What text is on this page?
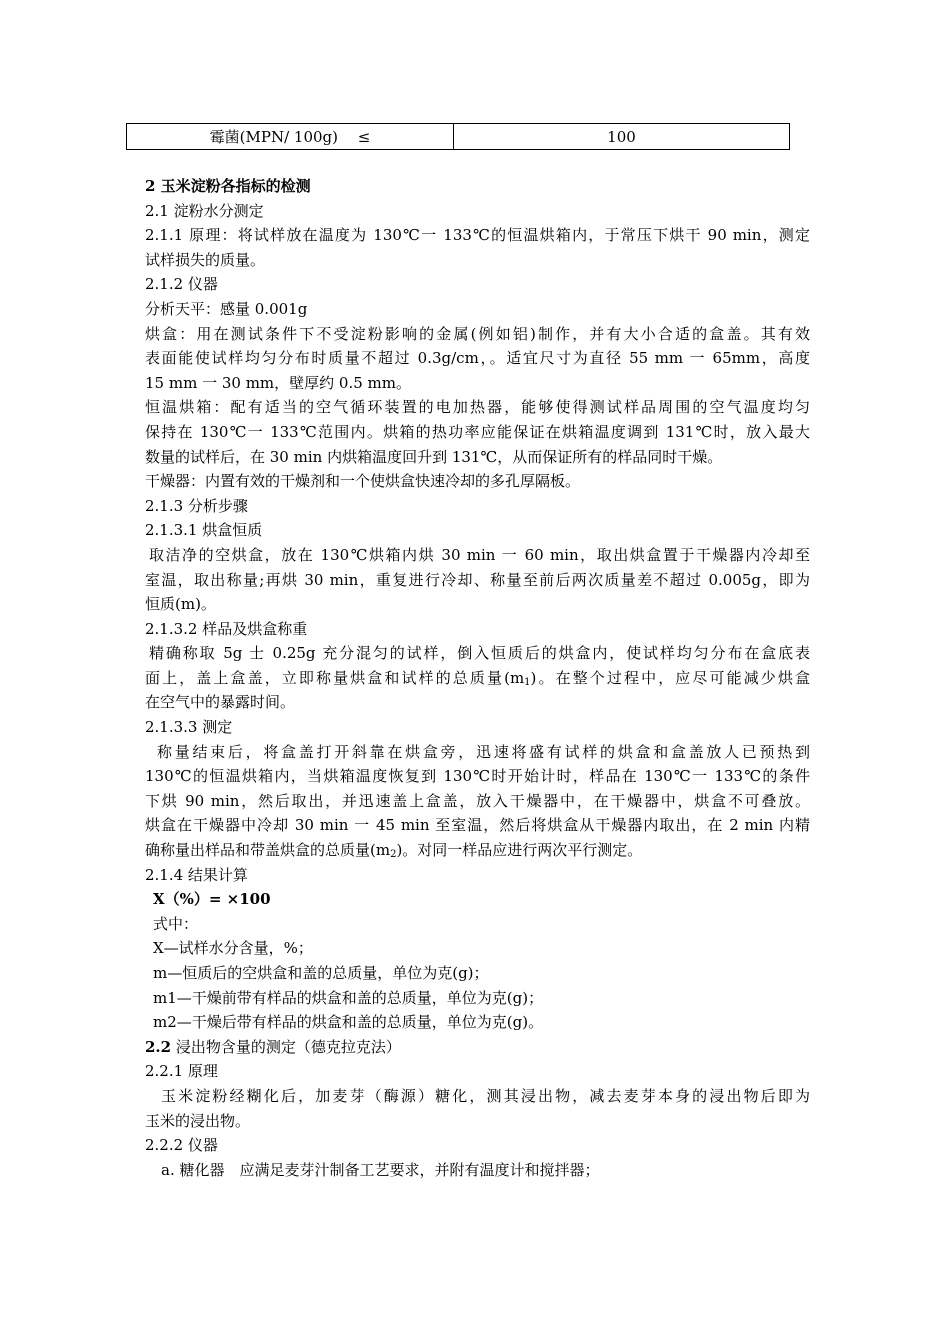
霉菌(MPN/ 100g)　 ≤	100
2 玉米淀粉各指标的检测
2.1 淀粉水分测定
2.1.1 原理：将试样放在温度为 130℃一 133℃的恒温烘箱内，于常压下烘干 90 min，测定
试样损失的质量。
2.1.2 仪器
分析天平：感量 0.001g
烘盒：用在测试条件下不受淀粉影响的金属(例如铝)制作，并有大小合适的盒盖。其有效
表面能使试样均匀分布时质量不超过 0.3g/cm，。适宜尺寸为直径 55 mm 一 65mm，高度
15 mm 一 30 mm，壁厚约 0.5 mm。
恒温烘箱：配有适当的空气循环装置的电加热器，能够使得测试样品周围的空气温度均匀
保持在 130℃一 133℃范围内。烘箱的热功率应能保证在烘箱温度调到 131℃时，放入最大
数量的试样后，在 30 min 内烘箱温度回升到 131℃，从而保证所有的样品同时干燥。
干燥器：内置有效的干燥剂和一个使烘盒快速冷却的多孔厚隔板。
2.1.3 分析步骤
2.1.3.1 烘盒恒质
取洁净的空烘盒，放在 130℃烘箱内烘 30 min 一 60 min，取出烘盒置于干燥器内冷却至
室温，取出称量;再烘 30 min，重复进行冷却、称量至前后两次质量差不超过 0.005g，即为
恒质(m)。
2.1.3.2 样品及烘盒称重
精确称取 5g 士 0.25g 充分混匀的试样，倒入恒质后的烘盒内，使试样均匀分布在盒底表
面上，盖上盒盖，立即称量烘盒和试样的总质量$(m_1)$。在整个过程中，应尽可能减少烘盒
在空气中的暴露时间。
2.1.3.3 测定
称量结束后，将盒盖打开斜靠在烘盒旁，迅速将盛有试样的烘盒和盒盖放人已预热到
130℃的恒温烘箱内，当烘箱温度恢复到 130℃时开始计时，样品在 130℃一 133℃的条件
下烘 90 min，然后取出，并迅速盖上盒盖，放入干燥器中，在干燥器中，烘盒不可叠放。
烘盒在干燥器中冷却 30 min 一 45 min 至室温，然后将烘盒从干燥器内取出，在 2 min 内精
确称量出样品和带盖烘盒的总质量$(m_2)$。对同一样品应进行两次平行测定。
2.1.4 结果计算
X（%）= ×100
式中：
X—试样水分含量，%；
m—恒质后的空烘盒和盖的总质量，单位为克(g)；
m1—干燥前带有样品的烘盒和盖的总质量，单位为克(g)；
m2—干燥后带有样品的烘盒和盖的总质量，单位为克(g)。
2.2 浸出物含量的测定（德克拉克法）
2.2.1 原理
玉米淀粉经糊化后，加麦芽（酶源）糖化，测其浸出物，减去麦芽本身的浸出物后即为
玉米的浸出物。
2.2.2 仪器
a. 糖化器　应满足麦芽汁制备工艺要求，并附有温度计和搅拌器；
